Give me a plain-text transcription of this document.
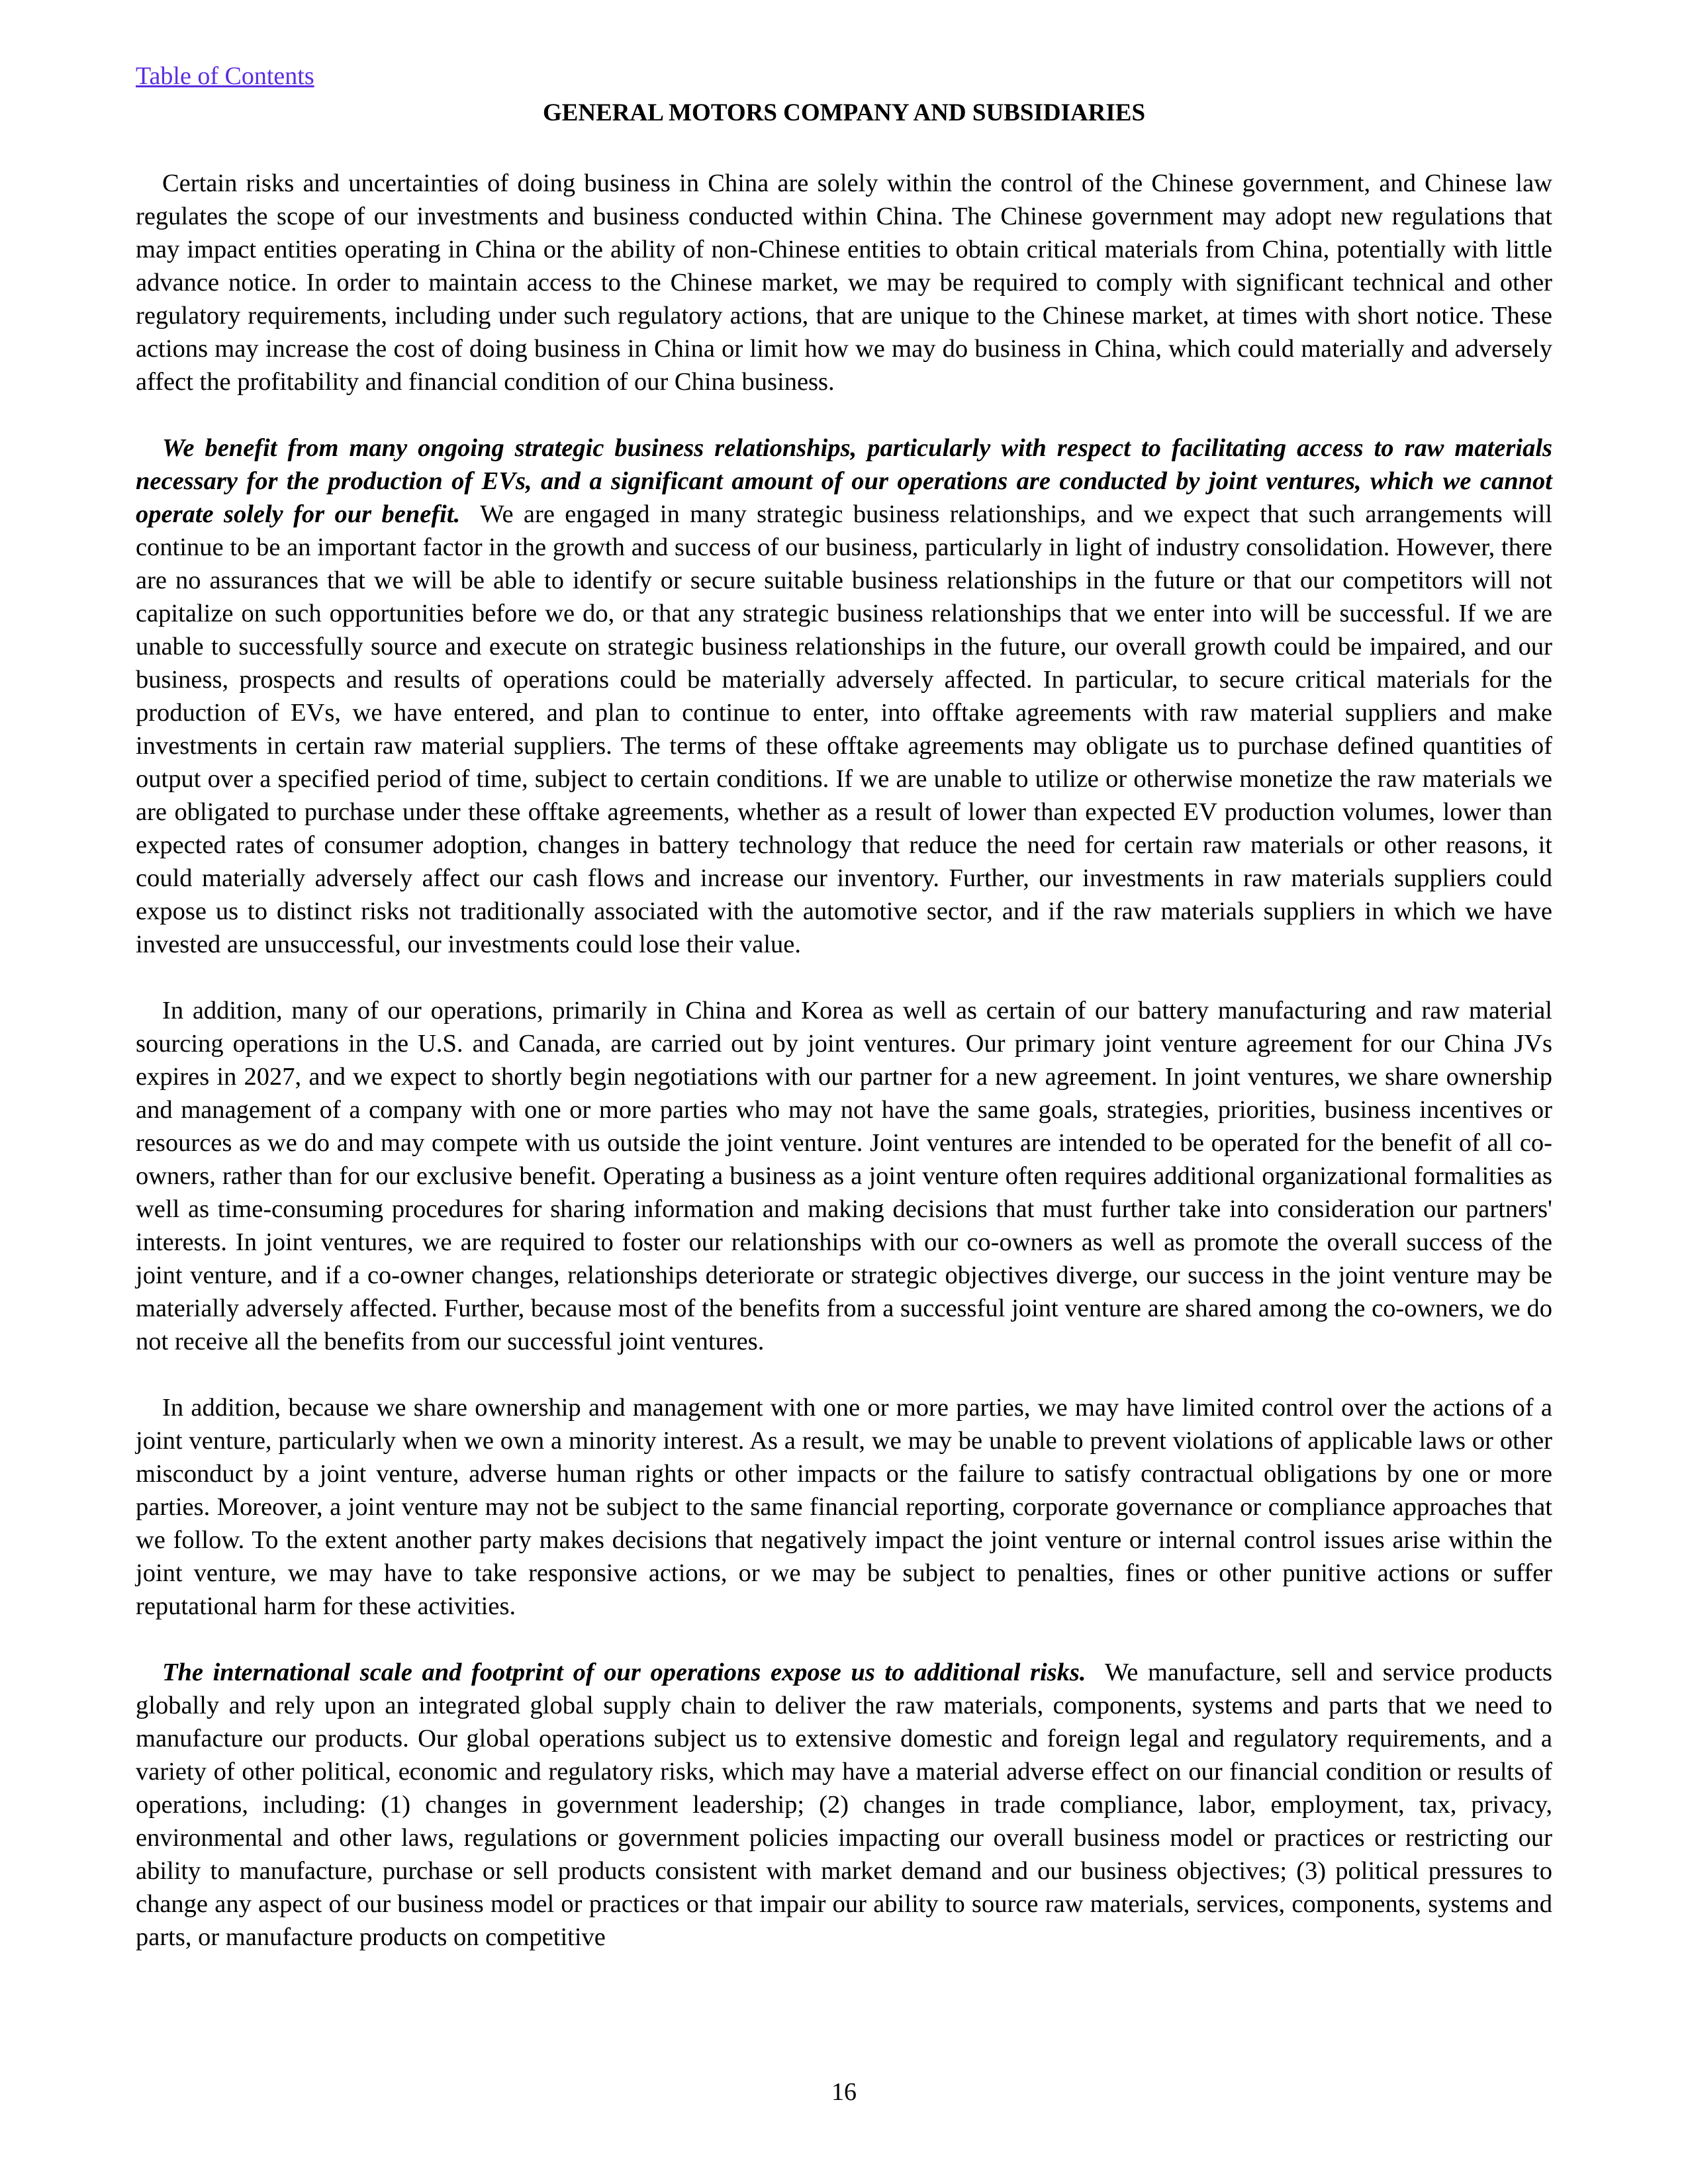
Table of Contents
GENERAL MOTORS COMPANY AND SUBSIDIARIES

Certain risks and uncertainties of doing business in China are solely within the control of the Chinese government, and Chinese law regulates the scope of our investments and business conducted within China. The Chinese government may adopt new regulations that may impact entities operating in China or the ability of non-Chinese entities to obtain critical materials from China, potentially with little advance notice. In order to maintain access to the Chinese market, we may be required to comply with significant technical and other regulatory requirements, including under such regulatory actions, that are unique to the Chinese market, at times with short notice. These actions may increase the cost of doing business in China or limit how we may do business in China, which could materially and adversely affect the profitability and financial condition of our China business.

We benefit from many ongoing strategic business relationships, particularly with respect to facilitating access to raw materials necessary for the production of EVs, and a significant amount of our operations are conducted by joint ventures, which we cannot operate solely for our benefit. We are engaged in many strategic business relationships, and we expect that such arrangements will continue to be an important factor in the growth and success of our business, particularly in light of industry consolidation. However, there are no assurances that we will be able to identify or secure suitable business relationships in the future or that our competitors will not capitalize on such opportunities before we do, or that any strategic business relationships that we enter into will be successful. If we are unable to successfully source and execute on strategic business relationships in the future, our overall growth could be impaired, and our business, prospects and results of operations could be materially adversely affected. In particular, to secure critical materials for the production of EVs, we have entered, and plan to continue to enter, into offtake agreements with raw material suppliers and make investments in certain raw material suppliers. The terms of these offtake agreements may obligate us to purchase defined quantities of output over a specified period of time, subject to certain conditions. If we are unable to utilize or otherwise monetize the raw materials we are obligated to purchase under these offtake agreements, whether as a result of lower than expected EV production volumes, lower than expected rates of consumer adoption, changes in battery technology that reduce the need for certain raw materials or other reasons, it could materially adversely affect our cash flows and increase our inventory. Further, our investments in raw materials suppliers could expose us to distinct risks not traditionally associated with the automotive sector, and if the raw materials suppliers in which we have invested are unsuccessful, our investments could lose their value.

In addition, many of our operations, primarily in China and Korea as well as certain of our battery manufacturing and raw material sourcing operations in the U.S. and Canada, are carried out by joint ventures. Our primary joint venture agreement for our China JVs expires in 2027, and we expect to shortly begin negotiations with our partner for a new agreement. In joint ventures, we share ownership and management of a company with one or more parties who may not have the same goals, strategies, priorities, business incentives or resources as we do and may compete with us outside the joint venture. Joint ventures are intended to be operated for the benefit of all co-owners, rather than for our exclusive benefit. Operating a business as a joint venture often requires additional organizational formalities as well as time-consuming procedures for sharing information and making decisions that must further take into consideration our partners' interests. In joint ventures, we are required to foster our relationships with our co-owners as well as promote the overall success of the joint venture, and if a co-owner changes, relationships deteriorate or strategic objectives diverge, our success in the joint venture may be materially adversely affected. Further, because most of the benefits from a successful joint venture are shared among the co-owners, we do not receive all the benefits from our successful joint ventures.

In addition, because we share ownership and management with one or more parties, we may have limited control over the actions of a joint venture, particularly when we own a minority interest. As a result, we may be unable to prevent violations of applicable laws or other misconduct by a joint venture, adverse human rights or other impacts or the failure to satisfy contractual obligations by one or more parties. Moreover, a joint venture may not be subject to the same financial reporting, corporate governance or compliance approaches that we follow. To the extent another party makes decisions that negatively impact the joint venture or internal control issues arise within the joint venture, we may have to take responsive actions, or we may be subject to penalties, fines or other punitive actions or suffer reputational harm for these activities.

The international scale and footprint of our operations expose us to additional risks. We manufacture, sell and service products globally and rely upon an integrated global supply chain to deliver the raw materials, components, systems and parts that we need to manufacture our products. Our global operations subject us to extensive domestic and foreign legal and regulatory requirements, and a variety of other political, economic and regulatory risks, which may have a material adverse effect on our financial condition or results of operations, including: (1) changes in government leadership; (2) changes in trade compliance, labor, employment, tax, privacy, environmental and other laws, regulations or government policies impacting our overall business model or practices or restricting our ability to manufacture, purchase or sell products consistent with market demand and our business objectives; (3) political pressures to change any aspect of our business model or practices or that impair our ability to source raw materials, services, components, systems and parts, or manufacture products on competitive

16
